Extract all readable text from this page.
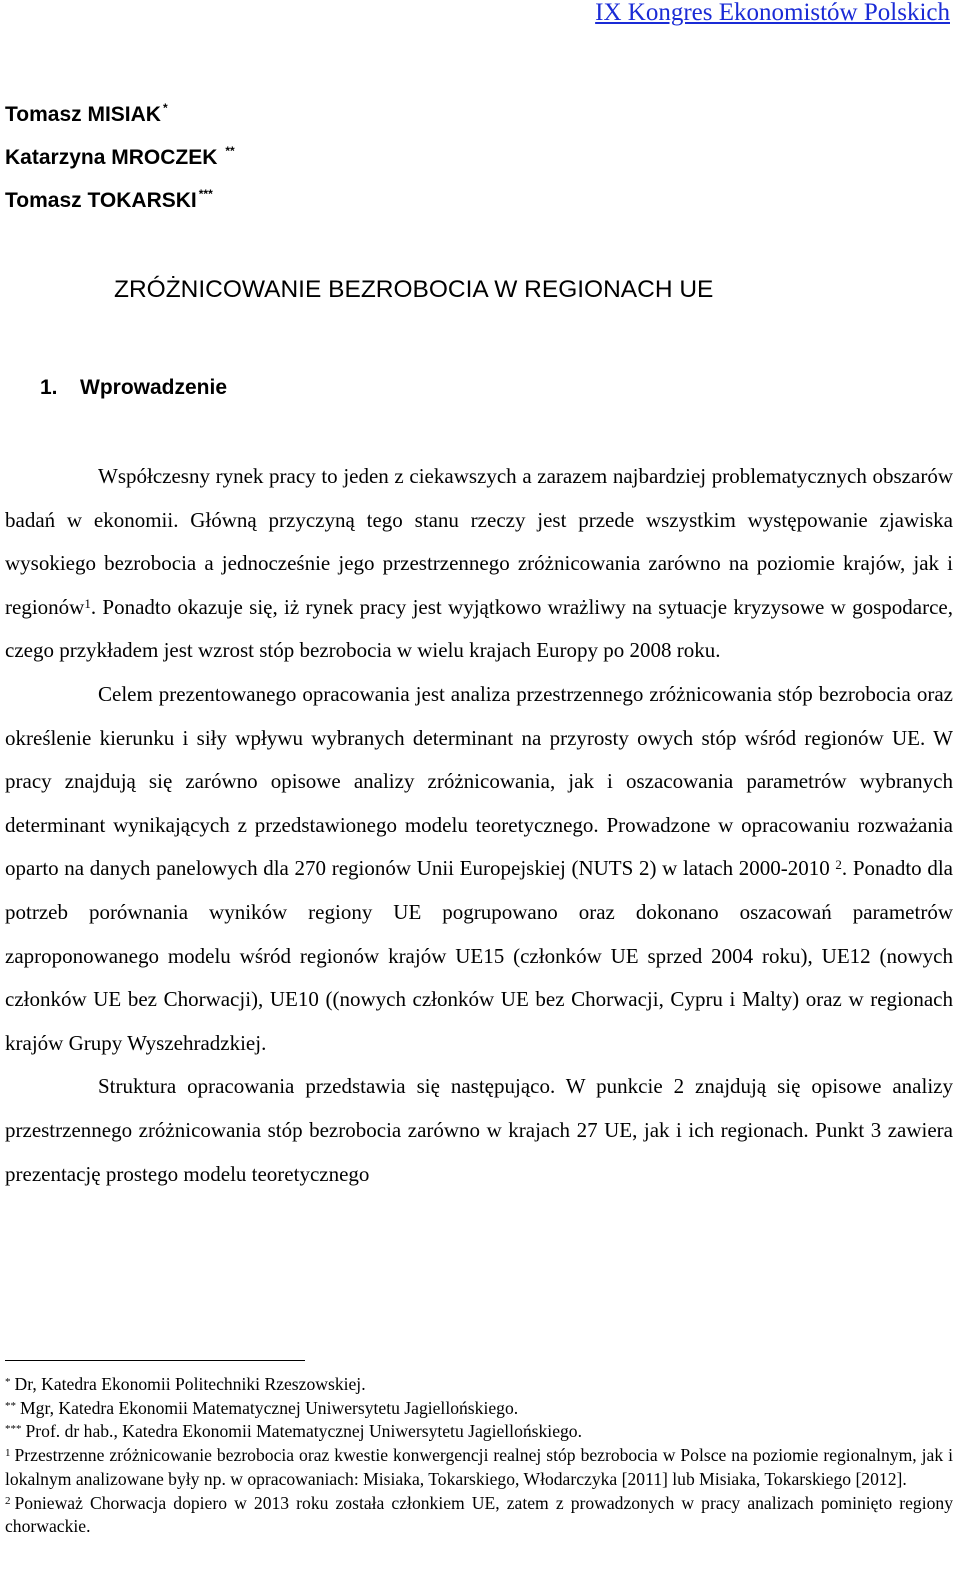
IX Kongres Ekonomistów Polskich
Tomasz MISIAK *
Katarzyna MROCZEK **
Tomasz TOKARSKI ***
ZRÓŻNICOWANIE BEZROBOCIA W REGIONACH UE
1. Wprowadzenie

Współczesny rynek pracy to jeden z ciekawszych a zarazem najbardziej problematycznych obszarów badań w ekonomii. Główną przyczyną tego stanu rzeczy jest przede wszystkim występowanie zjawiska wysokiego bezrobocia a jednocześnie jego przestrzennego zróżnicowania zarówno na poziomie krajów, jak i regionów$^1$. Ponadto okazuje się, iż rynek pracy jest wyjątkowo wrażliwy na sytuacje kryzysowe w gospodarce, czego przykładem jest wzrost stóp bezrobocia w wielu krajach Europy po 2008 roku.

Celem prezentowanego opracowania jest analiza przestrzennego zróżnicowania stóp bezrobocia oraz określenie kierunku i siły wpływu wybranych determinant na przyrosty owych stóp wśród regionów UE. W pracy znajdują się zarówno opisowe analizy zróżnicowania, jak i oszacowania parametrów wybranych determinant wynikających z przedstawionego modelu teoretycznego. Prowadzone w opracowaniu rozważania oparto na danych panelowych dla 270 regionów Unii Europejskiej (NUTS 2) w latach 2000-2010 $^2$. Ponadto dla potrzeb porównania wyników regiony UE pogrupowano oraz dokonano oszacowań parametrów zaproponowanego modelu wśród regionów krajów UE15 (członków UE sprzed 2004 roku), UE12 (nowych członków UE bez Chorwacji), UE10 ((nowych członków UE bez Chorwacji, Cypru i Malty) oraz w regionach krajów Grupy Wyszehradzkiej.

Struktura opracowania przedstawia się następująco. W punkcie 2 znajdują się opisowe analizy przestrzennego zróżnicowania stóp bezrobocia zarówno w krajach 27 UE, jak i ich regionach. Punkt 3 zawiera prezentację prostego modelu teoretycznego

* Dr, Katedra Ekonomii Politechniki Rzeszowskiej.

** Mgr, Katedra Ekonomii Matematycznej Uniwersytetu Jagiellońskiego.

*** Prof. dr hab., Katedra Ekonomii Matematycznej Uniwersytetu Jagiellońskiego.

$^1$ Przestrzenne zróżnicowanie bezrobocia oraz kwestie konwergencji realnej stóp bezrobocia w Polsce na poziomie regionalnym, jak i lokalnym analizowane były np. w opracowaniach: Misiaka, Tokarskiego, Włodarczyka [2011] lub Misiaka, Tokarskiego [2012].

$^2$ Ponieważ Chorwacja dopiero w 2013 roku została członkiem UE, zatem z prowadzonych w pracy analizach pominięto regiony chorwackie.
